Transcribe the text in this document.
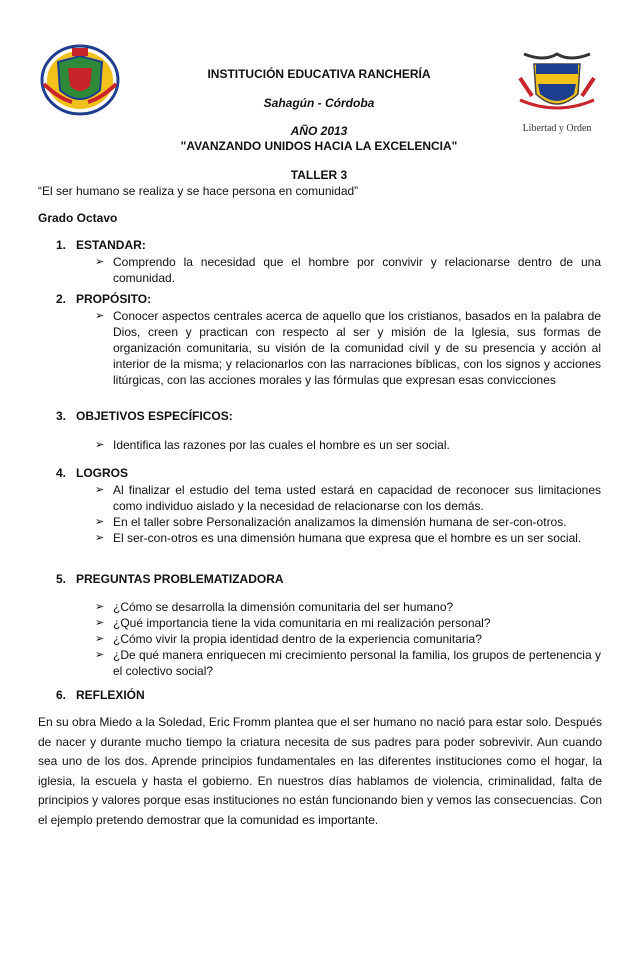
Libertad y Orden
INSTITUCIÓN EDUCATIVA RANCHERÍA
Sahagún - Córdoba
AÑO 2013
"AVANZANDO UNIDOS HACIA LA EXCELENCIA"
TALLER 3
“El ser humano se realiza y se hace persona en comunidad”
Grado Octavo
1. ESTANDAR:
➢ Comprendo la necesidad que el hombre por convivir y relacionarse dentro de una comunidad.
2. PROPÓSITO:
➢ Conocer aspectos centrales acerca de aquello que los cristianos, basados en la palabra de Dios, creen y practican con respecto al ser y misión de la Iglesia, sus formas de organización comunitaria, su visión de la comunidad civil y de su presencia y acción al interior de la misma; y relacionarlos con las narraciones bíblicas, con los signos y acciones litúrgicas, con las acciones morales y las fórmulas que expresan esas convicciones
3. OBJETIVOS ESPECÍFICOS:
➢ Identifica las razones por las cuales el hombre es un ser social.
4. LOGROS
➢ Al finalizar el estudio del tema usted estará en capacidad de reconocer sus limitaciones como individuo aislado y la necesidad de relacionarse con los demás.
➢ En el taller sobre Personalización analizamos la dimensión humana de ser-con-otros.
➢ El ser-con-otros es una dimensión humana que expresa que el hombre es un ser social.
5. PREGUNTAS PROBLEMATIZADORA
➢ ¿Cómo se desarrolla la dimensión comunitaria del ser humano?
➢ ¿Qué importancia tiene la vida comunitaria en mi realización personal?
➢ ¿Cómo vivir la propia identidad dentro de la experiencia comunitaria?
➢ ¿De qué manera enriquecen mi crecimiento personal la familia, los grupos de pertenencia y el colectivo social?
6. REFLEXIÓN
En su obra Miedo a la Soledad, Eric Fromm plantea que el ser humano no nació para estar solo. Después de nacer y durante mucho tiempo la criatura necesita de sus padres para poder sobrevivir. Aun cuando sea uno de los dos. Aprende principios fundamentales en las diferentes instituciones como el hogar, la iglesia, la escuela y hasta el gobierno. En nuestros días hablamos de violencia, criminalidad, falta de principios y valores porque esas instituciones no están funcionando bien y vemos las consecuencias. Con el ejemplo pretendo demostrar que la comunidad es importante.
